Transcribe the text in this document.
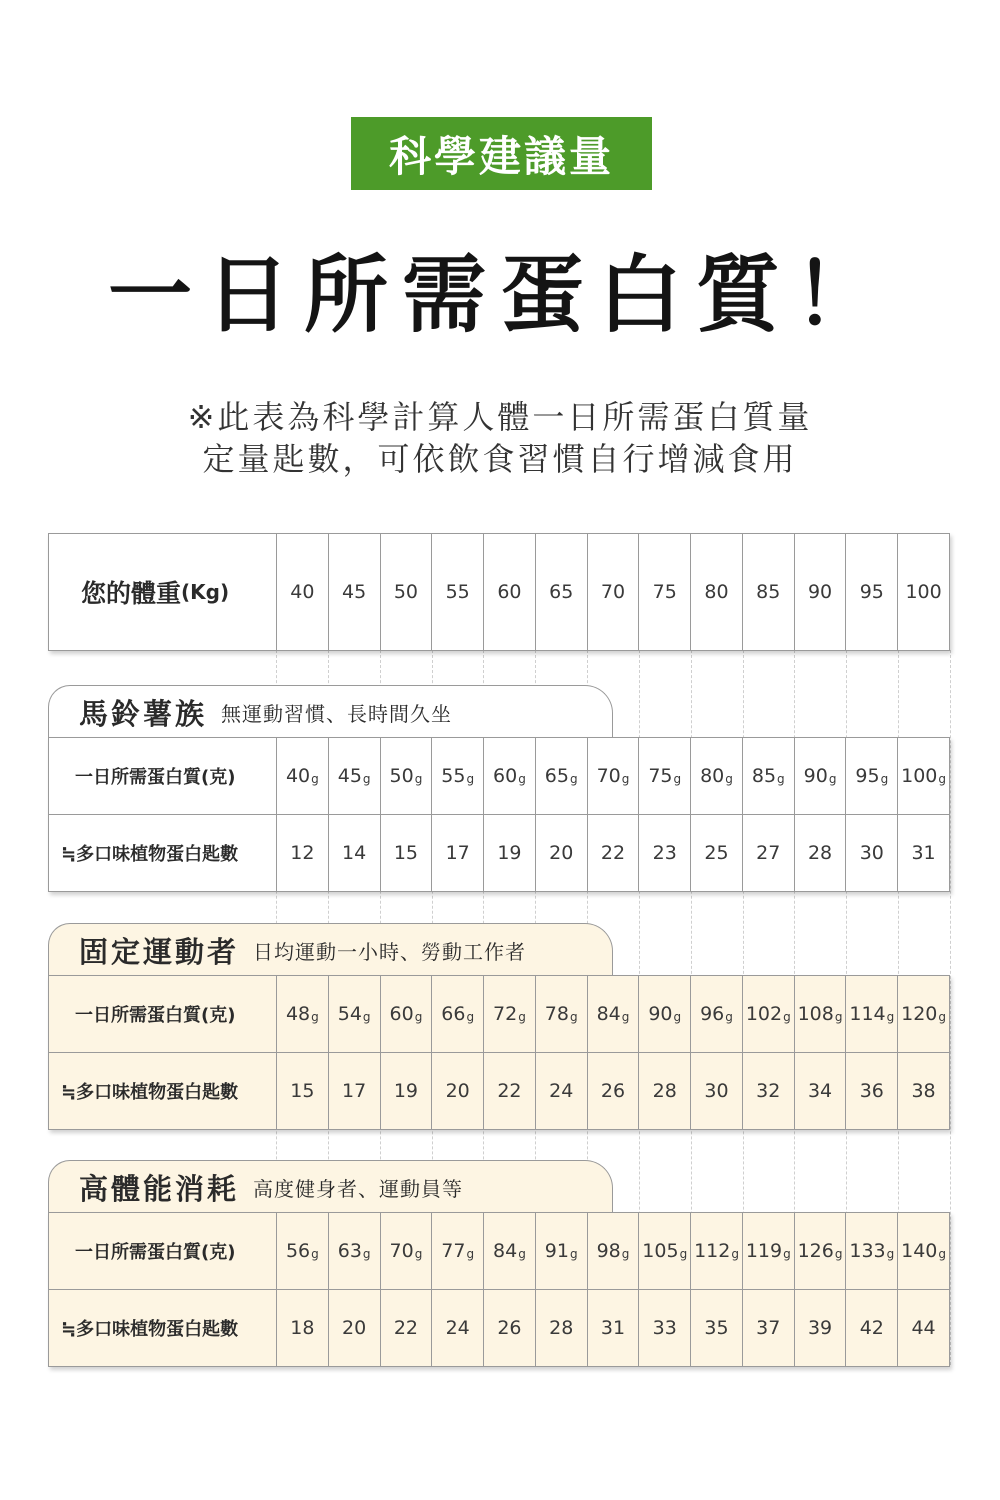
科學建議量
一日所需蛋白質！
※此表為科學計算人體一日所需蛋白質量
定量匙數，可依飲食習慣自行增減食用
您的體重 (Kg)	40 45 50 55 60 65 70 75 80 85 90 95 100
馬鈴薯族 無運動習慣、長時間久坐
一日所需蛋白質(克)	40 g 45 g 50 g 55 g 60 g 65 g 70 g 75 g 80 g 85 g 90 g 95 g 100 g
≒多口味植物蛋白匙數	12 14 15 17 19 20 22 23 25 27 28 30 31
固定運動者 日均運動一小時、勞動工作者
一日所需蛋白質(克)	48 g 54 g 60 g 66 g 72 g 78 g 84 g 90 g 96 g 102 g 108 g 114 g 120 g
≒多口味植物蛋白匙數	15 17 19 20 22 24 26 28 30 32 34 36 38
高體能消耗 高度健身者、運動員等
一日所需蛋白質(克)	56 g 63 g 70 g 77 g 84 g 91 g 98 g 105 g 112 g 119 g 126 g 133 g 140 g
≒多口味植物蛋白匙數	18 20 22 24 26 28 31 33 35 37 39 42 44
